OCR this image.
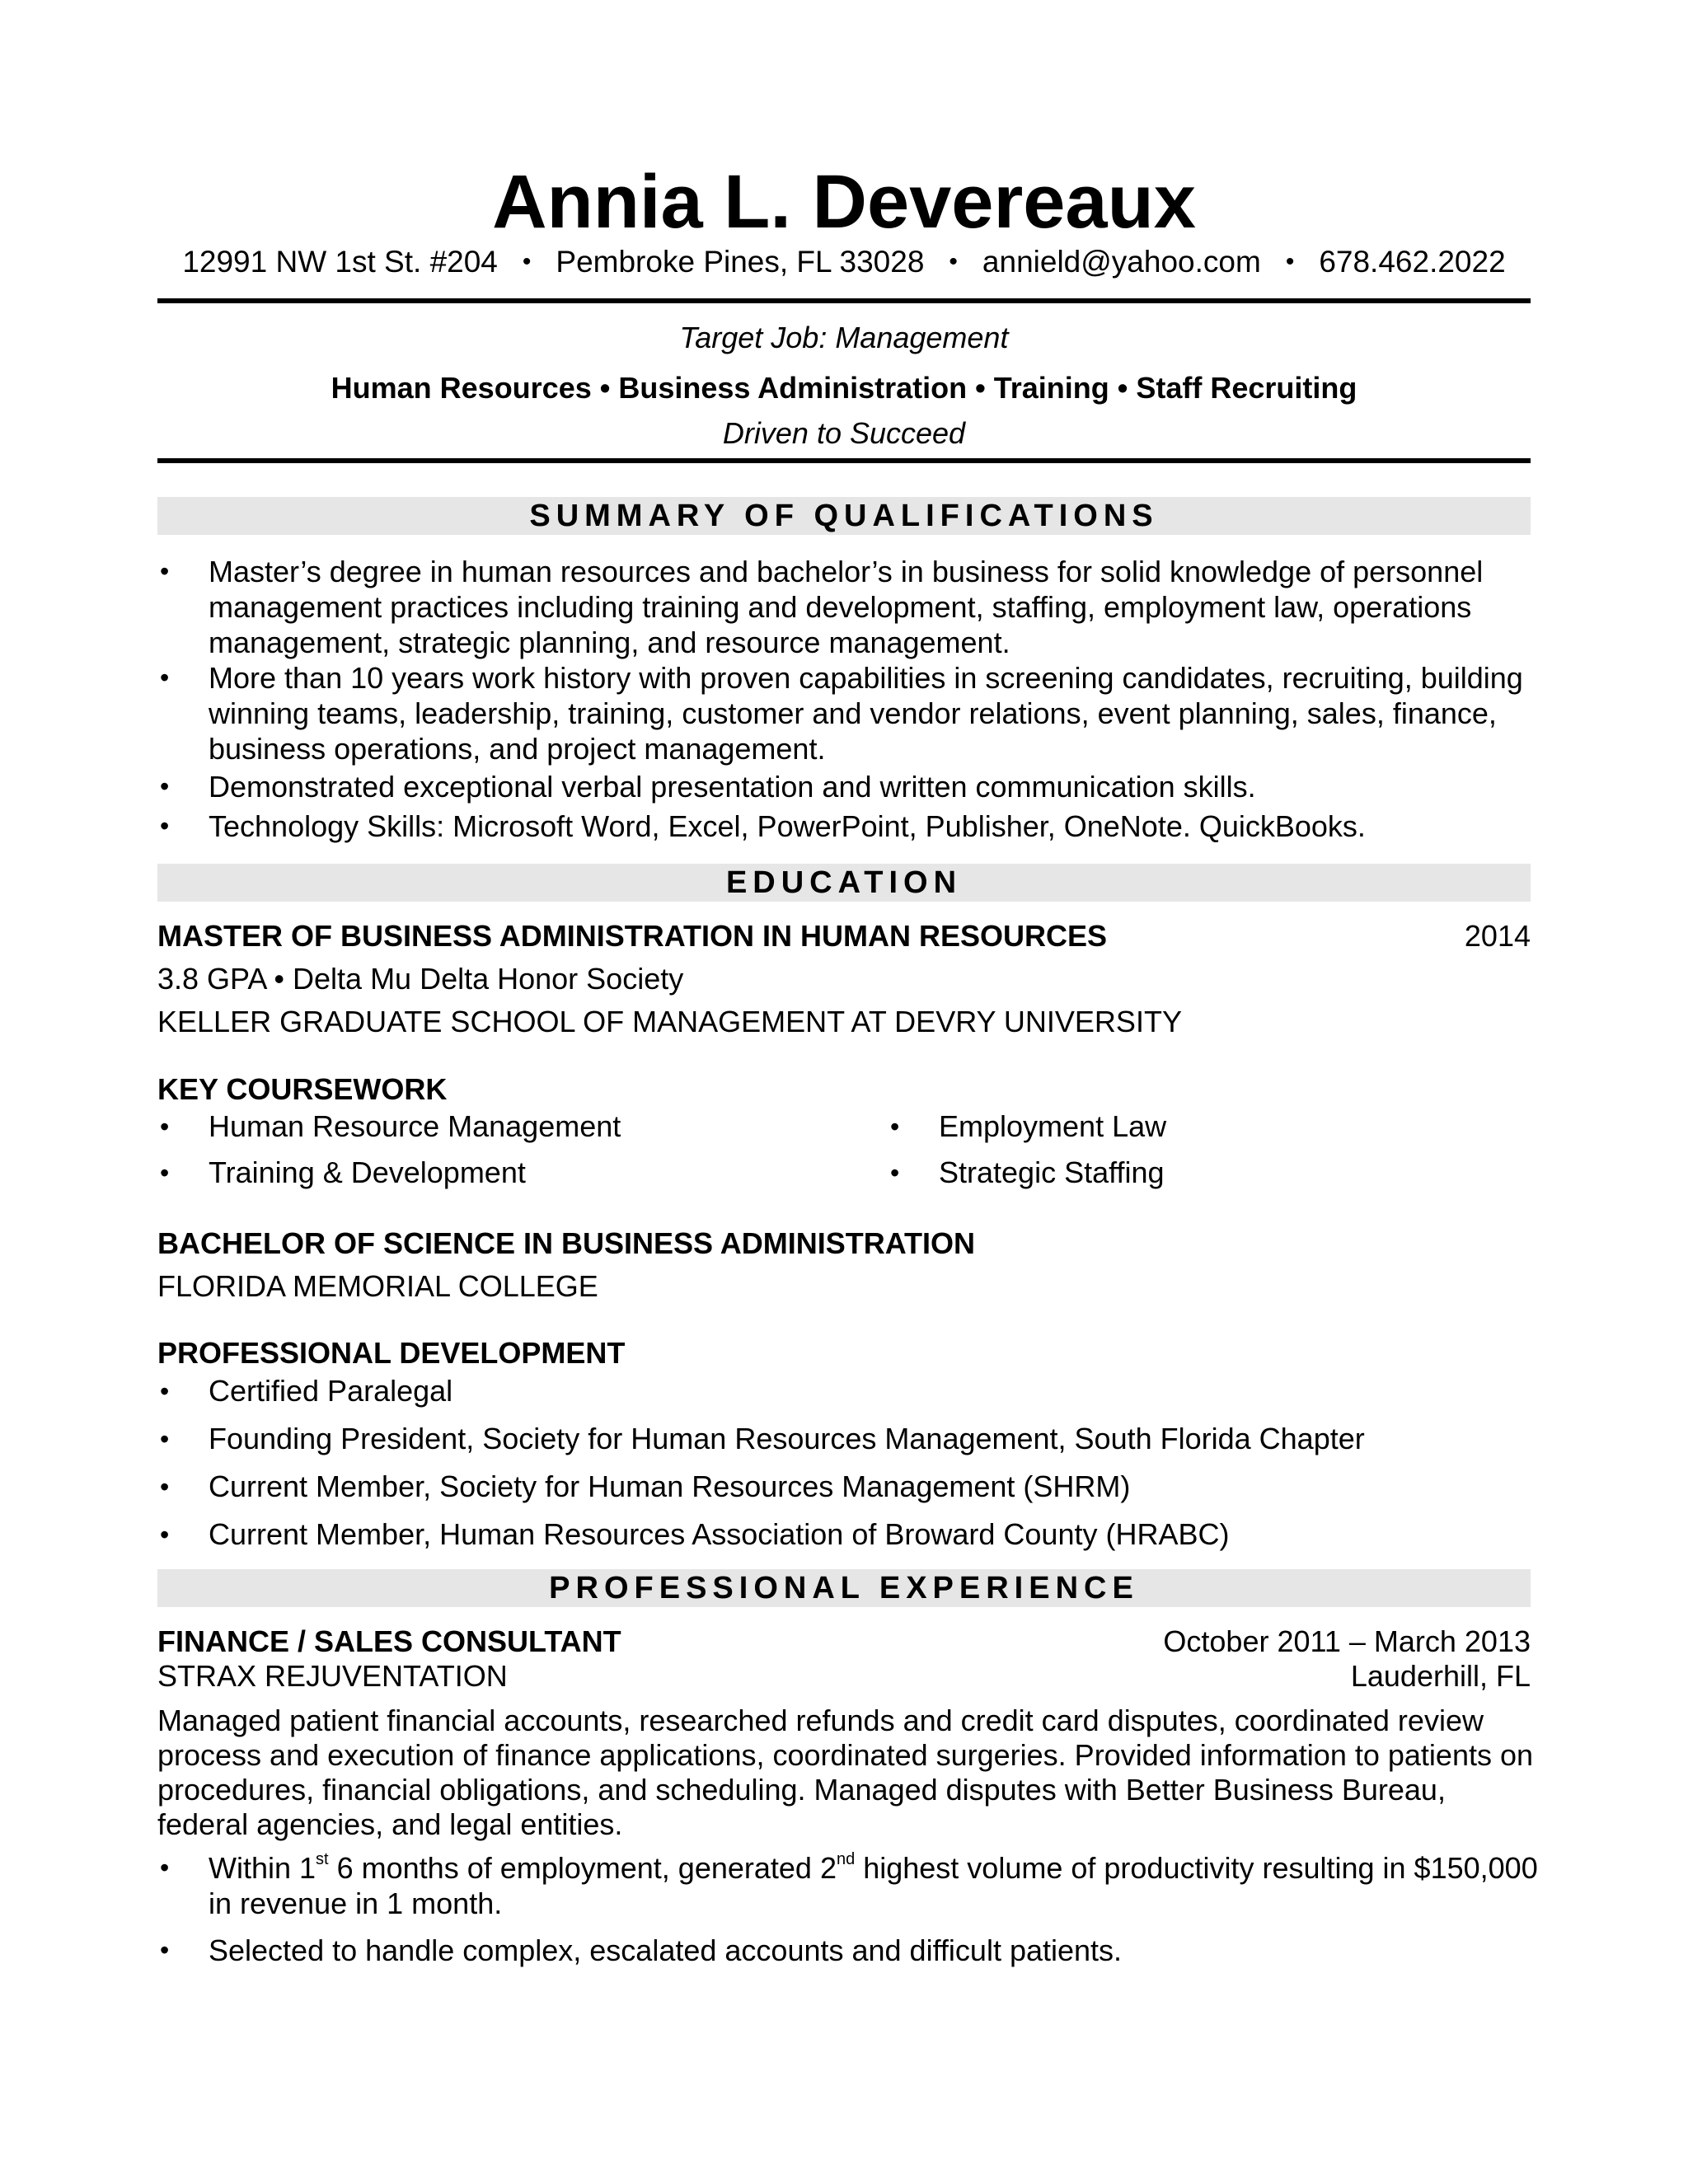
Annia L. Devereaux
12991 NW 1st St. #204 • Pembroke Pines, FL 33028 • annield@yahoo.com • 678.462.2022
Target Job: Management
Human Resources • Business Administration • Training • Staff Recruiting
Driven to Succeed
SUMMARY OF QUALIFICATIONS
• Master’s degree in human resources and bachelor’s in business for solid knowledge of personnel management practices including training and development, staffing, employment law, operations management, strategic planning, and resource management.
• More than 10 years work history with proven capabilities in screening candidates, recruiting, building winning teams, leadership, training, customer and vendor relations, event planning, sales, finance, business operations, and project management.
• Demonstrated exceptional verbal presentation and written communication skills.
• Technology Skills: Microsoft Word, Excel, PowerPoint, Publisher, OneNote. QuickBooks.
EDUCATION
MASTER OF BUSINESS ADMINISTRATION IN HUMAN RESOURCES	2014
3.8 GPA • Delta Mu Delta Honor Society
KELLER GRADUATE SCHOOL OF MANAGEMENT AT DEVRY UNIVERSITY
KEY COURSEWORK
• Human Resource Management	• Employment Law
• Training & Development	• Strategic Staffing
BACHELOR OF SCIENCE IN BUSINESS ADMINISTRATION
FLORIDA MEMORIAL COLLEGE
PROFESSIONAL DEVELOPMENT
• Certified Paralegal
• Founding President, Society for Human Resources Management, South Florida Chapter
• Current Member, Society for Human Resources Management (SHRM)
• Current Member, Human Resources Association of Broward County (HRABC)
PROFESSIONAL EXPERIENCE
FINANCE / SALES CONSULTANT	October 2011 – March 2013
STRAX REJUVENTATION	Lauderhill, FL
Managed patient financial accounts, researched refunds and credit card disputes, coordinated review process and execution of finance applications, coordinated surgeries. Provided information to patients on procedures, financial obligations, and scheduling. Managed disputes with Better Business Bureau, federal agencies, and legal entities.
• Within 1st 6 months of employment, generated 2nd highest volume of productivity resulting in $150,000 in revenue in 1 month.
• Selected to handle complex, escalated accounts and difficult patients.
